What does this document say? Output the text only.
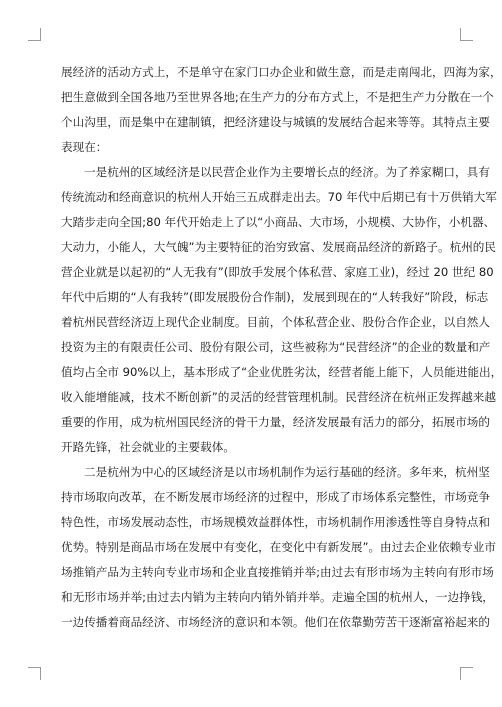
展经济的活动方式上，不是单守在家门口办企业和做生意，而是走南闯北，四海为家，
把生意做到全国各地乃至世界各地;在生产力的分布方式上，不是把生产力分散在一个
个山沟里，而是集中在建制镇，把经济建设与城镇的发展结合起来等等。其特点主要
表现在：
一是杭州的区域经济是以民营企业作为主要增长点的经济。为了养家糊口，具有
传统流动和经商意识的杭州人开始三五成群走出去。70 年代中后期已有十万供销大军
大踏步走向全国;80 年代开始走上了以“小商品、大市场，小规模、大协作，小机器、
大动力，小能人，大气魄”为主要特征的治穷致富、发展商品经济的新路子。杭州的民
营企业就是以起初的“人无我有”(即放手发展个体私营、家庭工业)，经过 20 世纪 80
年代中后期的“人有我转”(即发展股份合作制)，发展到现在的“人转我好”阶段，标志
着杭州民营经济迈上现代企业制度。目前，个体私营企业、股份合作企业，以自然人
投资为主的有限责任公司、股份有限公司，这些被称为“民营经济”的企业的数量和产
值均占全市 90%以上，基本形成了“企业优胜劣汰，经营者能上能下，人员能进能出，
收入能增能减，技术不断创新”的灵活的经营管理机制。民营经济在杭州正发挥越来越
重要的作用，成为杭州国民经济的骨干力量，经济发展最有活力的部分，拓展市场的
开路先锋，社会就业的主要载体。
二是杭州为中心的区域经济是以市场机制作为运行基础的经济。多年来，杭州坚
持市场取向改革，在不断发展市场经济的过程中，形成了市场体系完整性，市场竞争
特色性，市场发展动态性，市场规模效益群体性，市场机制作用渗透性等自身特点和
优势。特别是商品市场在发展中有变化，在变化中有新发展”。由过去企业依赖专业市
场推销产品为主转向专业市场和企业直接推销并举;由过去有形市场为主转向有形市场
和无形市场并举;由过去内销为主转向内销外销并举。走遍全国的杭州人，一边挣钱，
一边传播着商品经济、市场经济的意识和本领。他们在依靠勤劳苦干逐渐富裕起来的
